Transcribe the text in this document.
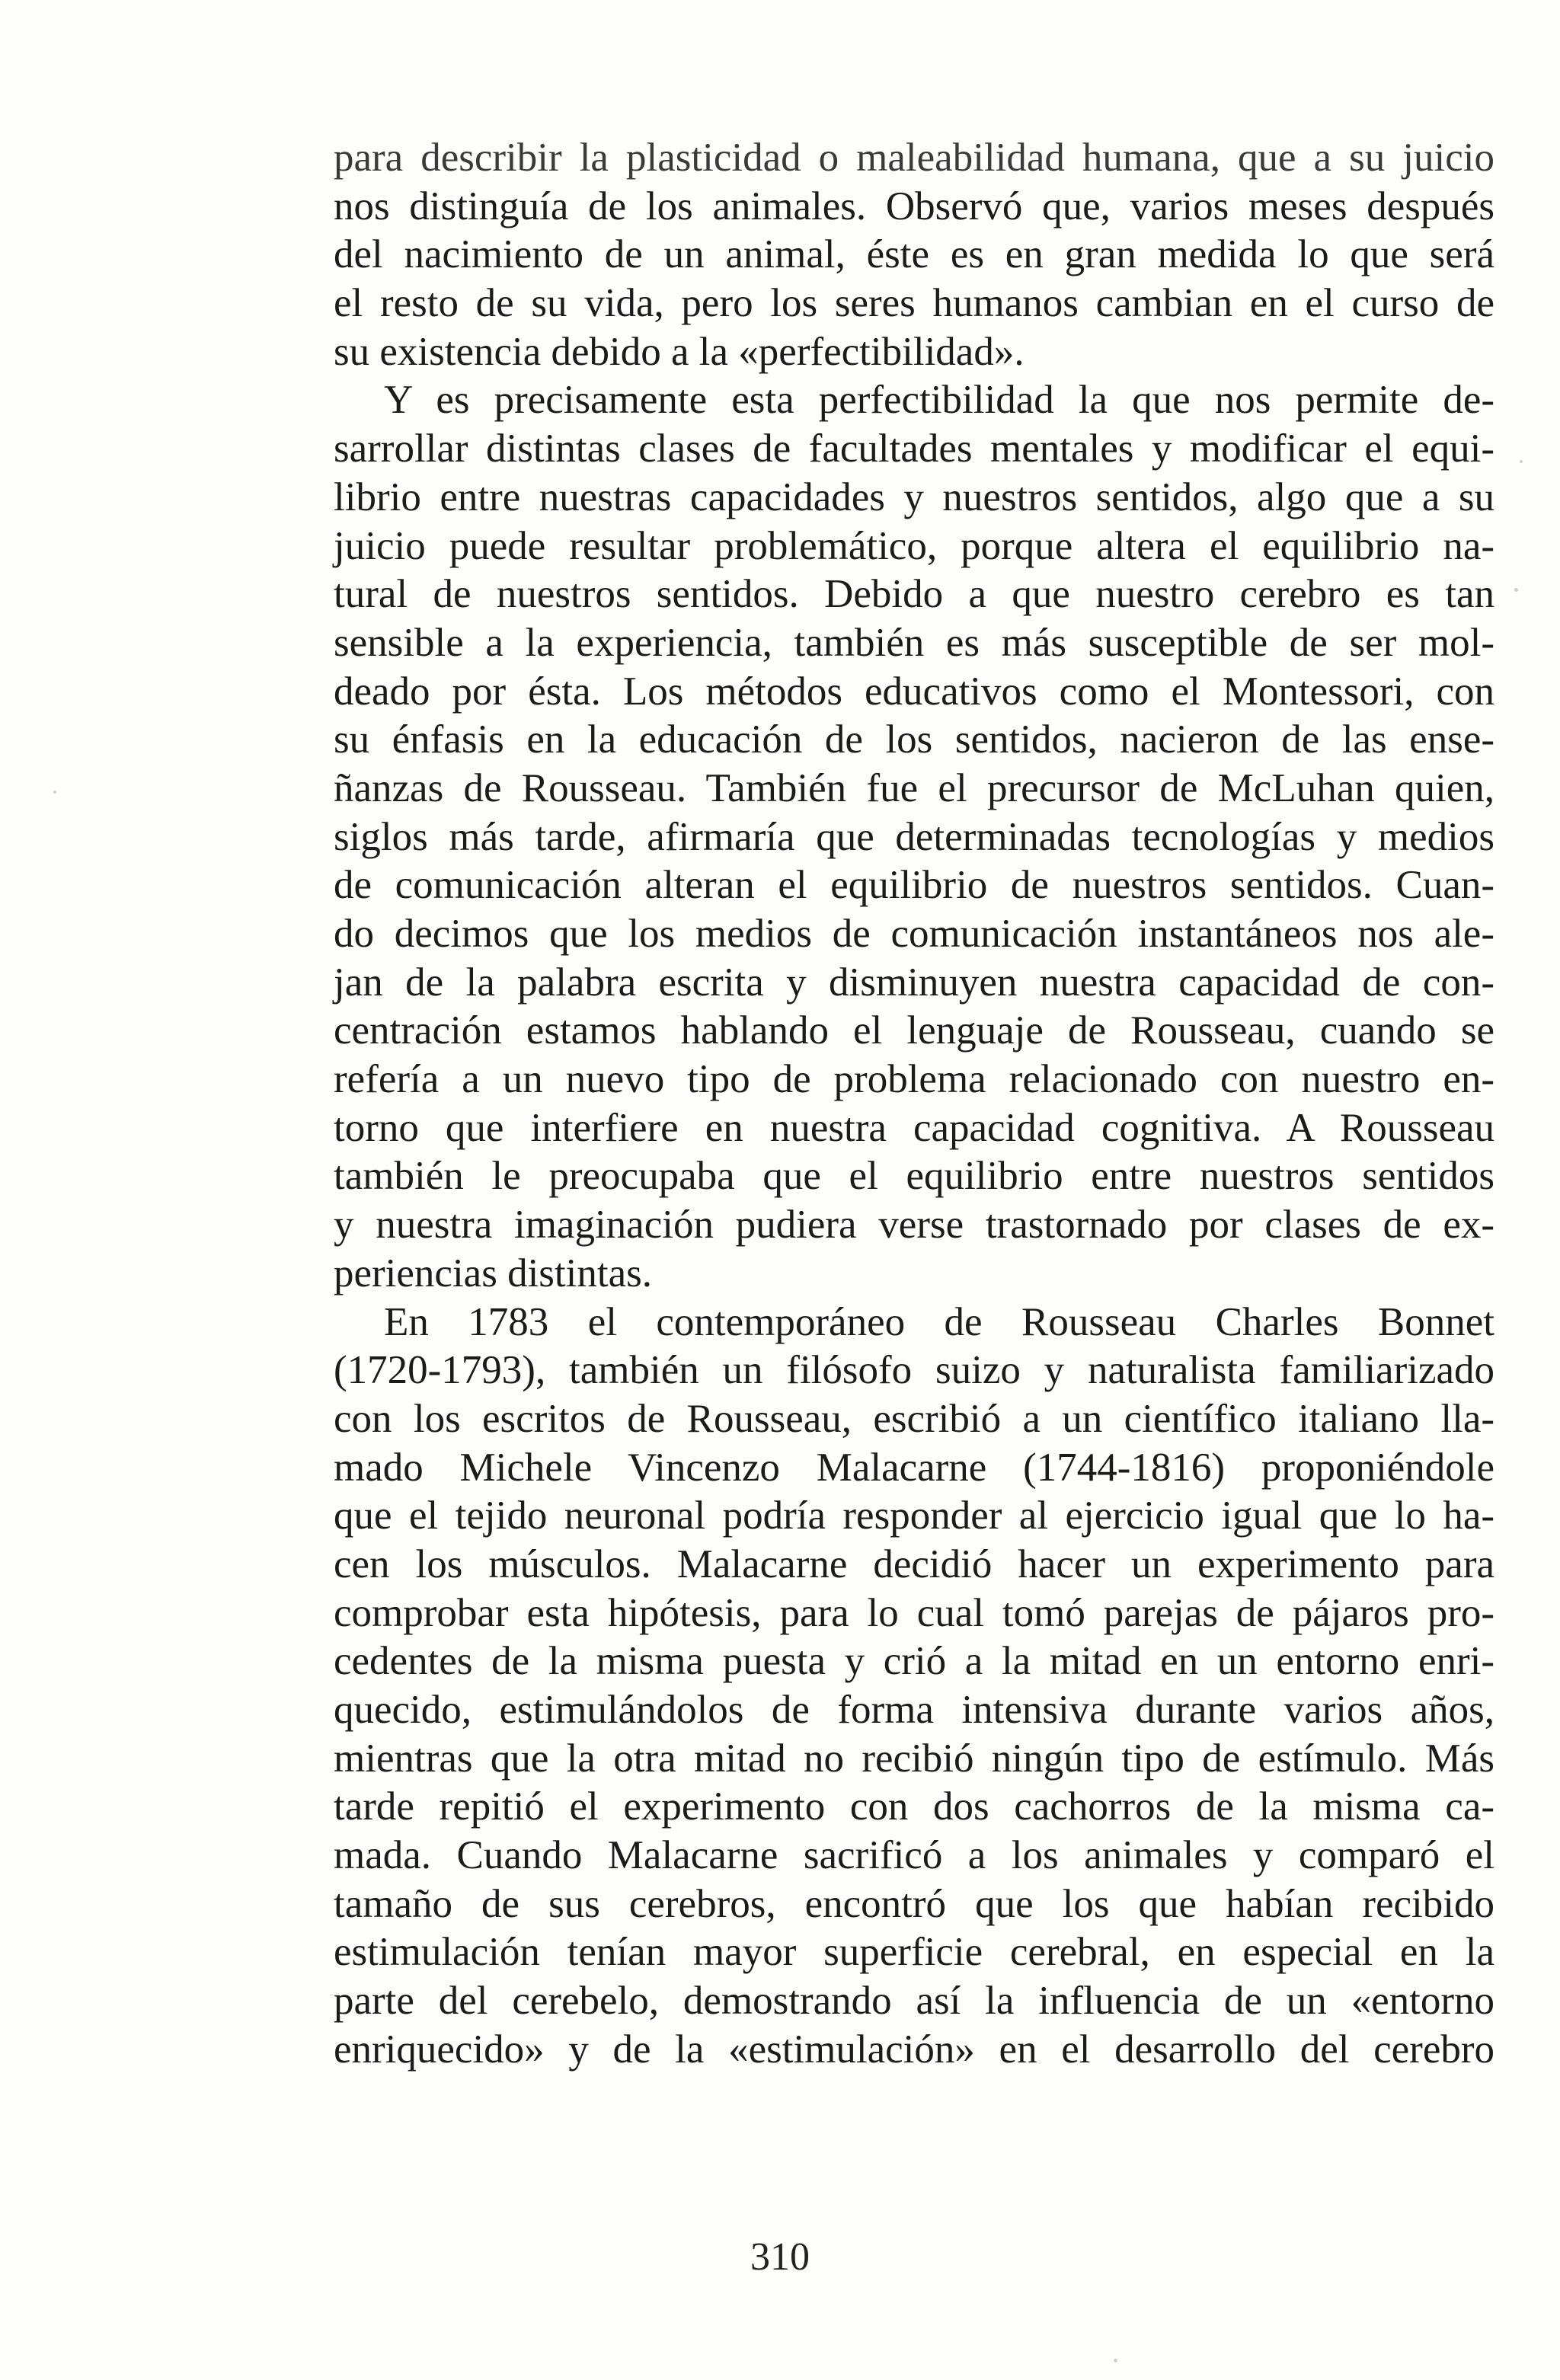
para describir la plasticidad o maleabilidad humana, que a su juicio
nos distinguía de los animales. Observó que, varios meses después
del nacimiento de un animal, éste es en gran medida lo que será
el resto de su vida, pero los seres humanos cambian en el curso de
su existencia debido a la «perfectibilidad».
Y es precisamente esta perfectibilidad la que nos permite de-
sarrollar distintas clases de facultades mentales y modificar el equi-
librio entre nuestras capacidades y nuestros sentidos, algo que a su
juicio puede resultar problemático, porque altera el equilibrio na-
tural de nuestros sentidos. Debido a que nuestro cerebro es tan
sensible a la experiencia, también es más susceptible de ser mol-
deado por ésta. Los métodos educativos como el Montessori, con
su énfasis en la educación de los sentidos, nacieron de las ense-
ñanzas de Rousseau. También fue el precursor de McLuhan quien,
siglos más tarde, afirmaría que determinadas tecnologías y medios
de comunicación alteran el equilibrio de nuestros sentidos. Cuan-
do decimos que los medios de comunicación instantáneos nos ale-
jan de la palabra escrita y disminuyen nuestra capacidad de con-
centración estamos hablando el lenguaje de Rousseau, cuando se
refería a un nuevo tipo de problema relacionado con nuestro en-
torno que interfiere en nuestra capacidad cognitiva. A Rousseau
también le preocupaba que el equilibrio entre nuestros sentidos
y nuestra imaginación pudiera verse trastornado por clases de ex-
periencias distintas.
En 1783 el contemporáneo de Rousseau Charles Bonnet
(1720-1793), también un filósofo suizo y naturalista familiarizado
con los escritos de Rousseau, escribió a un científico italiano lla-
mado Michele Vincenzo Malacarne (1744-1816) proponiéndole
que el tejido neuronal podría responder al ejercicio igual que lo ha-
cen los músculos. Malacarne decidió hacer un experimento para
comprobar esta hipótesis, para lo cual tomó parejas de pájaros pro-
cedentes de la misma puesta y crió a la mitad en un entorno enri-
quecido, estimulándolos de forma intensiva durante varios años,
mientras que la otra mitad no recibió ningún tipo de estímulo. Más
tarde repitió el experimento con dos cachorros de la misma ca-
mada. Cuando Malacarne sacrificó a los animales y comparó el
tamaño de sus cerebros, encontró que los que habían recibido
estimulación tenían mayor superficie cerebral, en especial en la
parte del cerebelo, demostrando así la influencia de un «entorno
enriquecido» y de la «estimulación» en el desarrollo del cerebro
310
